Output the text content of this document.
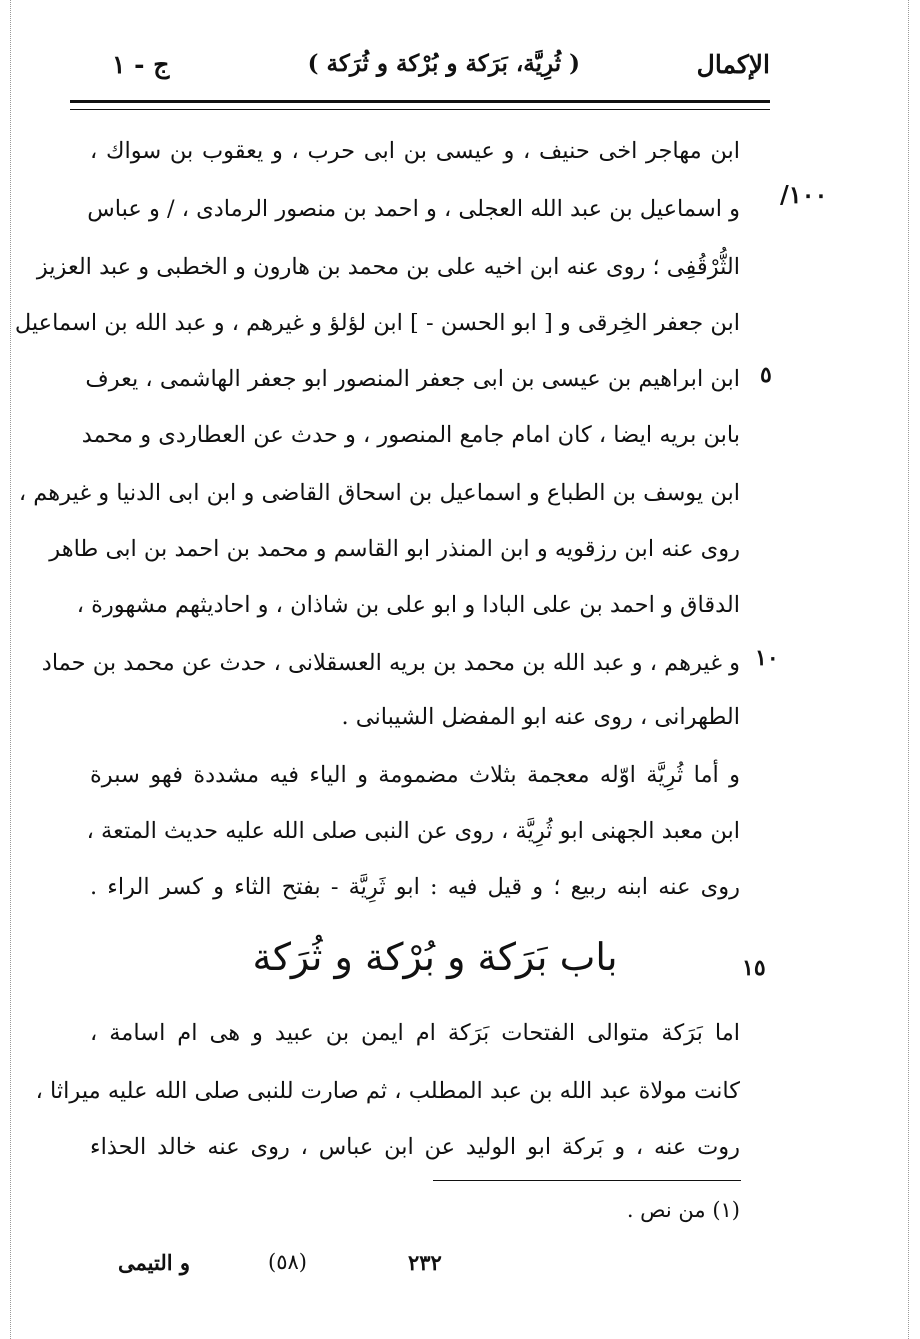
الإكمال
( ثُرِيَّة، بَرَكة و بُرْكة و ثُرَكة )
ج - ١
١٠٠/
٥
١٠
١٥
ابن مهاجر اخى حنيف ، و عيسى بن ابى حرب ، و يعقوب بن سواك ،
و اسماعيل بن عبد الله العجلى ، و احمد بن منصور الرمادى ، / و عباس
الثُّرْقُفِى ؛ روى عنه ابن اخيه على بن محمد بن هارون و الخطبى و عبد العزيز
ابن جعفر الخِرقى و [ ابو الحسن - ] ابن لؤلؤ و غيرهم ، و عبد الله بن اسماعيل
ابن ابراهيم بن عيسى بن ابى جعفر المنصور ابو جعفر الهاشمى ، يعرف
بابن بريه ايضا ، كان امام جامع المنصور ، و حدث عن العطاردى و محمد
ابن يوسف بن الطباع و اسماعيل بن اسحاق القاضى و ابن ابى الدنيا و غيرهم ،
روى عنه ابن رزقويه و ابن المنذر ابو القاسم و محمد بن احمد بن ابى طاهر
الدقاق و احمد بن على البادا و ابو على بن شاذان ، و احاديثهم مشهورة ،
و غيرهم ، و عبد الله بن محمد بن بريه العسقلانى ، حدث عن محمد بن حماد
الطهرانى ، روى عنه ابو المفضل الشيبانى .
و أما ثُرِيَّة اوّله معجمة بثلاث مضمومة و الياء فيه مشددة فهو سبرة
ابن معبد الجهنى ابو ثُرِيَّة ، روى عن النبى صلى الله عليه حديث المتعة ،
روى عنه ابنه ربيع ؛ و قيل فيه : ابو ثَرِيَّة - بفتح الثاء و كسر الراء .
اما بَرَكة متوالى الفتحات بَرَكة ام ايمن بن عبيد و هى ام اسامة ،
كانت مولاة عبد الله بن عبد المطلب ، ثم صارت للنبى صلى الله عليه ميراثا ،
روت عنه ، و بَركة ابو الوليد عن ابن عباس ، روى عنه خالد الحذاء
باب بَرَكة و بُرْكة و ثُرَكة
(١) من نص .
٢٣٢
(٥٨)
و التيمى
